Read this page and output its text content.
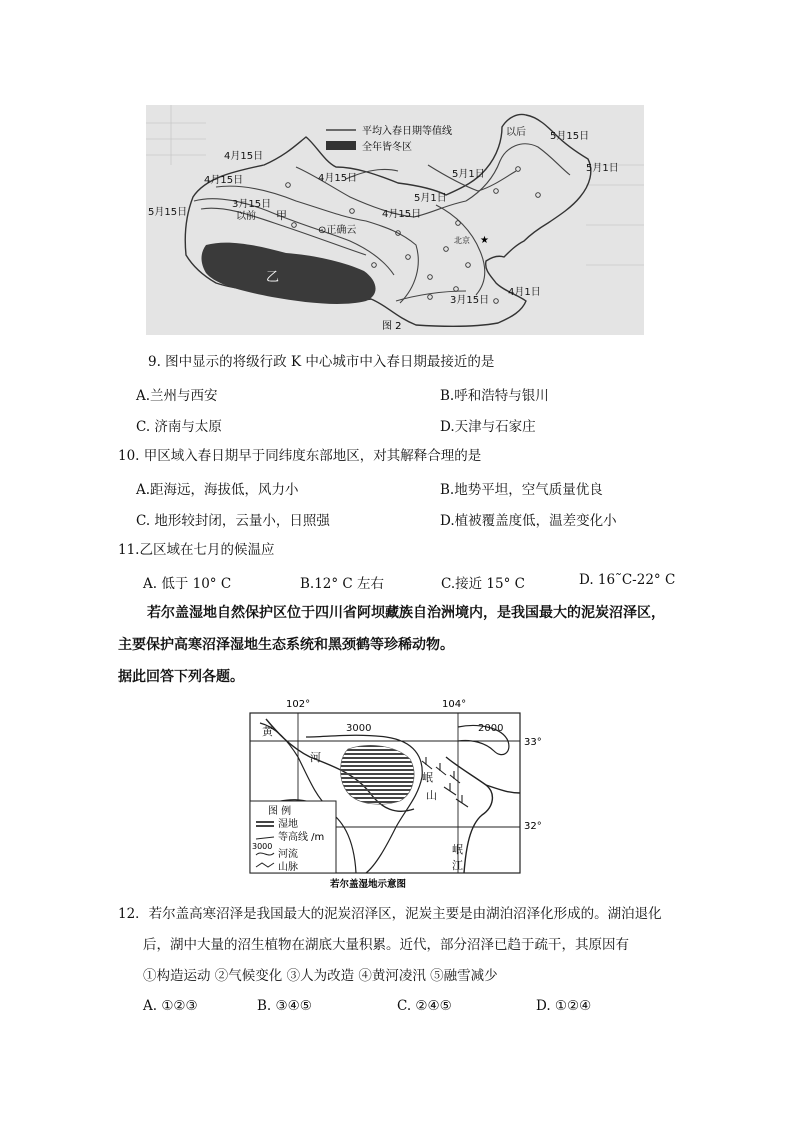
平均入春日期等值线
全年皆冬区
4月15日
4月15日	4月15日
4月15日
3月15日
以前 甲
5月15日
⊙正确云
乙
5月15日
以后
5月1日
5月1日
5月1日
北京
4月1日
3月15日
★
图 2
9. 图中显示的将级行政 K 中心城市中入春日期最接近的是
A.兰州与西安	B.呼和浩特与银川
C. 济南与太原	D.天津与石家庄
10. 甲区域入春日期早于同纬度东部地区，对其解释合理的是
A.距海远，海拔低，风力小	B.地势平坦，空气质量优良
C. 地形较封闭，云量小，日照强	D.植被覆盖度低，温差变化小
11.乙区域在七月的候温应
A. 低于 10° C	B.12° C 左右	C.接近 15° C	D. 16˜C-22° C
若尔盖湿地自然保护区位于四川省阿坝藏族自治洲境内，是我国最大的泥炭沼泽区，
主要保护高寒沼泽湿地生态系统和黑颈鹤等珍稀动物。
据此回答下列各题。
102°	104°
33°
32°
3000	2000
黄
河
岷
山
岷
江
图 例
湿地
3000
等高线 /m
河流
山脉
若尔盖湿地示意图
12．若尔盖高寒沼泽是我国最大的泥炭沼泽区，泥炭主要是由湖泊沼泽化形成的。湖泊退化
后，湖中大量的沼生植物在湖底大量积累。近代，部分沼泽已趋于疏干，其原因有
①构造运动 ②气候变化 ③人为改造 ④黄河凌汛 ⑤融雪减少
A. ①②③	B. ③④⑤	C. ②④⑤	D. ①②④
